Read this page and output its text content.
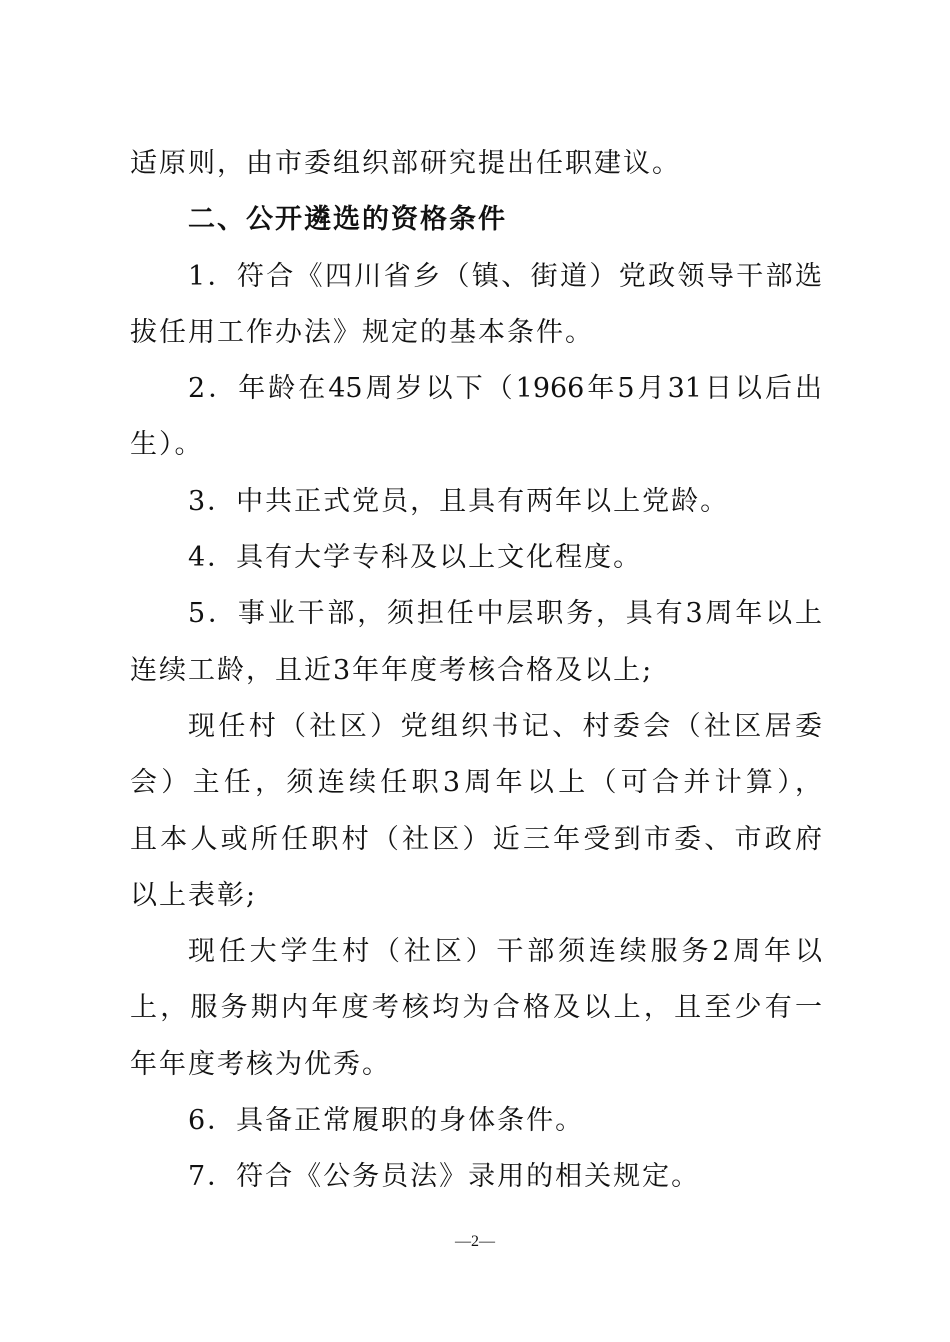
适原则，由市委组织部研究提出任职建议。
二、公开遴选的资格条件
1．符合《四川省乡（镇、街道）党政领导干部选
拔任用工作办法》规定的基本条件。
2．年龄在45周岁以下（1966年5月31日以后出
生）。
3．中共正式党员，且具有两年以上党龄。
4．具有大学专科及以上文化程度。
5．事业干部，须担任中层职务，具有3周年以上
连续工龄，且近3年年度考核合格及以上;
现任村（社区）党组织书记、村委会（社区居委
会）主任，须连续任职3周年以上（可合并计算），
且本人或所任职村（社区）近三年受到市委、市政府
以上表彰;
现任大学生村（社区）干部须连续服务2周年以
上，服务期内年度考核均为合格及以上，且至少有一
年年度考核为优秀。
6．具备正常履职的身体条件。
7．符合《公务员法》录用的相关规定。
—2—
